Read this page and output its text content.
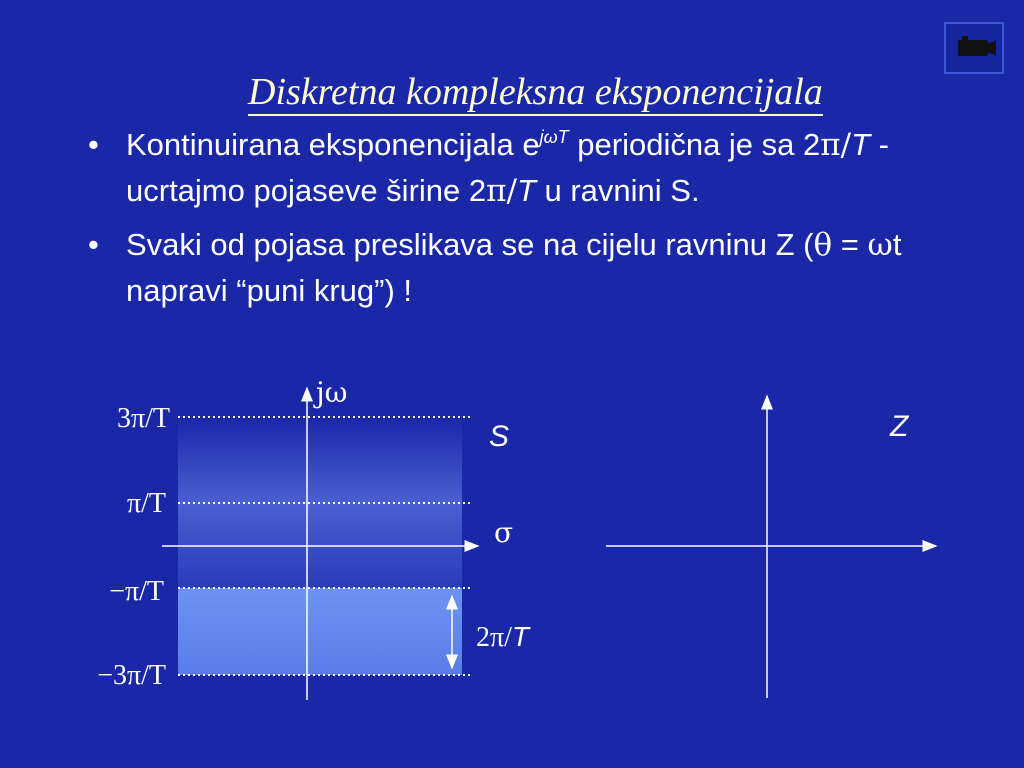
Diskretna kompleksna eksponencijala
• Kontinuirana eksponencijala $e^{j\omega T}$ periodična je sa 2π/T - ucrtajmo pojaseve širine 2π/T u ravnini S.
• Svaki od pojasa preslikava se na cijelu ravninu Z (θ = ωt napravi “puni krug”) !
jω
σ
S
3π/T
π/T
−π/T
−3π/T
2π/T
Z
